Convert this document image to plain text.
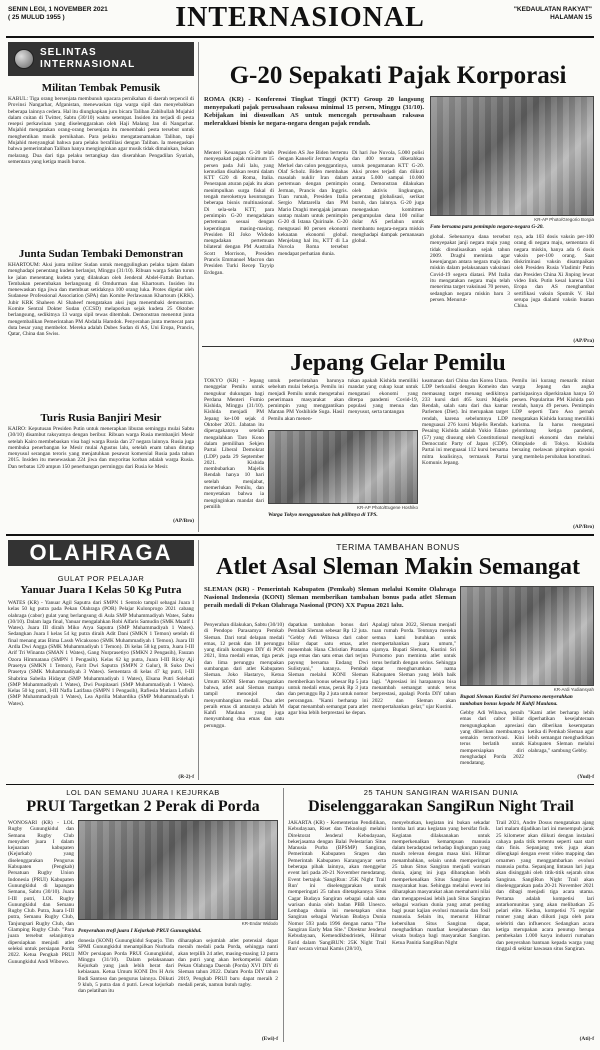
SENIN LEGI, 1 NOVEMBER 2021
( 25 MULUD 1955 )	INTERNASIONAL	"KEDAULATAN RAKYAT"
HALAMAN 15
SELINTAS
INTERNASIONAL
Militan Tembak Pemusik
KABUL: Tiga orang bersenjata membunuh upacara pernikahan di daerah terpencil di Provinsi Nangarhar, Afganistan, menewaskan tiga warga sipil dan menyebabkan beberapa lainnya cedera. Hal itu diungkapkan juru bicara Taliban Zabihullah Mujahid dalam cuitan di Twitter, Sabtu (30/10) waktu setempat. Insiden itu terjadi di pesta resepsi perkawinan yang diselenggarakan oleh Haji Malang Jan di Nangarhar. Mujahid mengatakan orang-orang bersenjata itu menembaki pesta tersebut untuk menghentikan musik pernikahan. Para pelaku mengatasnamakan Taliban, tapi Mujahid menyangkal bahwa para pelaku berafiliasi dengan Taliban. Ia menegaskan bahwa pemerintahan Taliban hanya menginginkan agar musik tidak dimainkan, bukan melarang. Dua dari tiga pelaku tertangkap dan diserahkan Pengadilan Syariah, sementara yang ketiga masih buron.
Junta Sudan Tembaki Demonstran
KHARTOUM: Aksi junta militer Sudan untuk menggulingkan pelaku tajam dalam menghadapi penentang kudeta berlanjut, Minggu (31/10). Ribuan warga Sudan turun ke jalan menentang kudeta yang dilakukan oleh Jenderal Abdel-Fattah Burhan. Tembakan penembakan berlangsung di Omdurman dan Khartoum. Insiden itu menewaskan tiga jiwa dan membuat setidaknya 100 orang luka. Protes digelar oleh Sudanese Professional Association (SPA) dan Komite Perlawanan Khartoum (KRK). Jubir KRK Shaheen Al Shaheef mengatakan aksi juga menembaki demonstran. Komite Sentral Dokter Sudan (CCSD) melaporkan sejak kudeta 25 Oktober berlangsung, sedikitnya 13 warga sipil tewas ditembak. Demonstran menentut junta mengembalikan Pemerintahan PM Abdalla Hamdok. Penyerahan junta memecat para duta besar yang membelot. Mereka adalah Dubes Sudan di AS, Uni Eropa, Prancis, Qatar, China dan Swiss.
Turis Rusia Banjiri Mesir
KAIRO: Keputusan Presiden Putin untuk menerapkan liburan seminggu mulai Sabtu (30/10) disambut raksyatnya dengan beribur. Ribuan warga Rusia membanjiri Mesir setelah Kairo membebaskan visa bagi warga Rusia dan 27 negara lainnya. Rusia juga membuka penerbangan ke Mesir mulai Agustus lalu, setelah enam tahun ditutup menyusul serangan teroris yang menjatuhkan pesawat komersial Rusia pada tahun 2015. Insiden itu menewaskan 224 jiwa dan muyoritas korban adalah warga Rusia. Dan terbatas 120 ampun 150 penerbangan perminggu dari Rusia ke Mesir.
(AP/Bro)
G-20 Sepakati Pajak Korporasi
ROMA (KR) - Konferensi Tingkat Tinggi (KTT) Group 20 langsung menyepakati pajak perusahaan raksasa minimal 15 persen, Minggu (31/10). Kebijakan ini disusulkan AS untuk mencegah perusahaan raksasa melerakkasi bisnis ke negara-negara dengan pajak rendah.
Menteri Keuangan G-20 telah menyepakati pajak minimum 15 persen pada Juli lalu, yang kemudian disahkan resmi dalam KTT G20 di Roma, Italia. Penerapan aturan pajak itu akan menimpulkan surga fiskal di tengah meroketnya keuntungan beberapa bisnis multinasional. Di sela-sela KTT, para pemimpin G-20 mengadakan pertemuan sesuai dengan kepentingan masing-masing. Presiden RI Joko Widodo mengadakan pertemuan bilateral dengan PM Australia Scott Morrison, Presiden Prancis Emmanuel Macron dan Presiden Turki Recep Tayyip Erdogan.
Presiden AS Joe Biden bertemu dengan Kanselir Jerman Angela Merkel dan calon penggantinya, Olaf Scholz. Biden membahas masalah nuklir Iran dalam pertemuan dengan pemimpin Jerman, Prancis dan Inggris. Tuan rumah, Presiden Italia Sergio Mattarella dan PM Mario Draghi mengajak jamuan santap malam untuk pemimpin G-20 di Istana Quirinale. G-20 mengusasi 80 persen ekonomi kekuatan ekonomi global. Menjelang hal itu, KTT di La Nuvola Roma tersebut mendapat perhatian dunia.
Di hari Jue Nuvola, 5.000 polisi dan 400 tentara dikerahkan untuk pengamanan KTT G-20. Aksi protes terjadi dan diikuti antara 5.000 sampai 10.000 orang. Demonstran dilakukan oleh aktivis lingkungan, penentang globalisasi, serikat buruh, dan lainnya. G-20 juga menegaskan komitmen pengumpulan dana 100 miliar dolar AS perlahun untuk membantu negara-negara miskin menghadapi dampak pemanasan global.
KR-AP Photo/Gregorio Borgia
Foto bersama para pemimpin negara-negara G-20.
global. Sebenarnya dana tersebut menyepakat janji negara maju yang tidak direalisasikan sejak tahun 2009. Draghi meminta agar kesenjangan antara negara maju dan miskin dalam pelaksanaan vaksinasi Covid-19 segera diatasi. PM Italia itu mengatakan negara maju telah menerima target vaksinasi 70 persen, sedangkan negara miskin baru 3 persen. Menurut-
nya, ada 103 dosis vaksin per-100 orang di negara maju, sementara di negara miskin, hanya ada 6 dosis vaksin per-100 orang. Saat diskriminasi vaksin disampaikan oleh Presiden Rusia Vladimir Putin dan Presiden China Xi Jinping lewat video link. Putin kesal karena Uni Eropa dan AS menghambat sertifikasi vaksin Sputnik V. Hal serupa juga dialami vaksin buatan China.
(AP/Pra)
Jepang Gelar Pemilu
TOKYO (KR) - Jepang menggelar Pemilu untuk mengukur dukungan bagi Perdana Menteri Fumio Kishida, Minggu (31/10). Kishida menjadi PM Jepang ke-100 sejak 4 Oktober 2021. Jabatan itu diperagakannya setelah mengalahkan Taro Kono dalam pemilihan Sekjen Partai Liberal Demokrat (LDP) pada 29 September 2021. Kishida membubarkan Majelis Rendah hanya 10 hari setelah menjabat, memerlukan Pemilu, dan menyetakan bahwa ia menginginkan mandat dari pemilih
untuk pemerintahan barunya sebelum mulai bekerja. Pemilu ini menjadi Pemilu untuk mengetahui penerimaan masyarakat akan pemimpin yang menggantikan Mantan PM Yoshihide Suga. Hasil Pemilu akan menen-
KR-AP Photo/Eugene Hoshiko
Warga Tokyo menggunakan hak pilihnya di TPS.
tukan apakah Kishida memiliki mandat yang cukup kuat untuk mengatasi ekonomi yang diterpa pandemi Covid-19, populasi yang menua dan menyusut, serta tantangan
keamanan dari China dan Korea Utara. LDP berkoalisi dengan Komeito dan memasang target menang sedikitnya 233 kursi dari 465 kursi Majelis Rendah, salah satu dari dua kamar Parlemen (Diet). Ini merupakan target rendah, karena sebelumnya LDP menguasai 276 kursi Majelis Rendah. Pesaing Kishida adalah Yukio Edano (57) yang diusung oleh Constitutional Democratic Party of Japan (CDP). Partai ini menguasai 112 kursi bersama mitra koalisinya, termasuk Partai Komunis Jepang.
Pemilu ini kurang menarik minat warga Jepang dan angka partisipasinya diperkirakan hanya 50 persen. Popularitas PM Kishida pun rendah, hanya 49 persen. Pemimpin LDP seperti Taro Aso pernah mengatakan Kishida kurang memiliki karisma. Ia harus mengatasi gelombang ketiga pandemi, mengikuti ekonomi dan melalui Olimpiade di Tokyo. Kishida bersaing melawan pimpinan oposisi yang membela perubahan konstitusi.
(AP/Bro)
OLAHRAGA
GULAT POR PELAJAR
Yanuar Juara I Kelas 50 Kg Putra
WATES (KR) - Yanuar Agil Saputra dari SMPN 1 Sentolo tampil sebagai Juara I kelas 50 kg putra pada Pekan Olahraga (POR) Pelajar Kulonprogo 2021 cabang olahraga (cabor) gulat yang berlangsung di Aula SMP Muhammadiyah Wates, Sabtu (30/10). Dalam laga final, Yanuar mengalahkan Robi Alfaris Samudin (SMK Maarif 1 Wates). Juara III diraih Miko Arya Saputra (SMP Muhammadiyah 1 Wates). Sedangkan Juara I kelas 54 kg putra diraih Adit Dani (SMKN 1 Temon) setelah di final menang atas Bima Lassh Wicaksono (SMK Muhammadiyah 1 Temon). Juara III Ardla Dwi Angga (SMK Muhammadiyah 1 Temon). Di kelas 58 kg putra, Juara I-III Arif Tri Winanta (SMAN 1 Wates), Gang Nurprasetiyo (SMKN 2 Pengasih), Fauzan Ozora Himmatana (SMPN 1 Pengasih). Kelas 62 kg putra, Juara I-III Ricky Aji Prasetya (SMKN 1 Temon), Farit Dwi Saputra (SMPN 2 Galur), R Suko Dwi Prasetya (SMK Muhammadiyah 3 Wates). Sementara di kelas 47 kg putri, I-III Shabrina Sabeila Hidayat (SMP Muhammadiyah 1 Wates), Elsana Putri Solehati (SMP Muhammadiyah 1 Wates), Dwi Puspitasari (SMP Muhammadiyah 1 Wates). Kelas 50 kg putri, I-III Nafla Latifana (SMPN 1 Pengasih), Rafiesia Mutiara Lofisih (SMP Muhammadiyah 1 Wates), Lea Aprilia Mahardika (SMP Muhammadiyah 1 Wates).
(R-2)-f
TERIMA TAMBAHAN BONUS
Atlet Asal Sleman Makin Semangat
SLEMAN (KR) - Pemerintah Kabupaten (Pemkab) Sleman melalui Komite Olahraga Nasional Indonesia (KONI) Sleman memberikan tambahan bonus pada atlet Sleman peraih medali di Pekan Olahraga Nasional (PON) XX Papua 2021 lalu.
Penyerahan dilakukan, Sabtu (30/10) di Pendopo Parasamya Pemkab Sleman. Dari total delapan medali emas, 12 perak dan 18 perunggu yang diraih kontingen DIY di PON 2021, lima medali emas, tiga perak dan lima perunggu merupakan sumbangan dari atlet Kabupaten Sleman. Joko Hastaryo, Ketua Umum KONI Sleman mengatakan bahwa, atlet asal Sleman mampu tampil menonjol dan menyumbangkan medali. Dua atlet peraih emas di antaranya adalah M Kahfi Maulana yang juga menyumbang dua emas dan satu perunggu.
dapatkan tambahan bonus dari Pemkab Sleman sebesar Rp 12 juta. "Gebby Adi Wibawa dari cabor biliar dapat satu emas, atlet menembak Hana Christian Pratama juga emas dan satu emas dari terjun payung bersama Endang Dwi Sulistyani," katanya. Pemkab Sleman melalui KONI Sleman memberikan bonus sebesar Rp 5 juta untuk medali emas, perak Rp 3 juta dan perunggu Rp 2 juta untuk nomor perorangan. "Kami berharap ini dapat menambah semangat para atlet agar bisa lebih berprestasi ke depan.
Apalagi tahun 2022, Sleman menjadi tuan rumah Porda. Tentunya mereka semua kami butuhkan untuk mempertahankan juara umum," ujarnya. Bupati Sleman, Kustini Sri Purnomo pun meminta atlet untuk terus berlatih dengan serius. Sehingga dapat mengharumkan nama Kabupaten Sleman yang lebih baik lagi. "Apresiasi ini harapannya bisa menambah semangat untuk terus berprestasi, apalagi Porda DIY tahun 2022 dan Sleman akan mempertahankan gelar," ujar Kustini.
KR-Ardi Yudiansyah
Bupati Sleman Kustini Sri Purnomo menyerahkan tambahan bonus kepada M Kahfi Maulana.
Gebby Adi Wibawa, peraih emas dari cabor biliar mengungkapkan apresiasi yang diberikan membuatnya semakin termotivasi. Kini terus berlatih untuk mempersiapkan diri menghadapi Porda 2022 mendatang.
"Kami atlet berharap lebih diperhatikan kesejahteraan dan diberikan kesempatan ketika di Pemkab Sleman agar lebih semangat menghadirkan Kabupaten Sleman melalui olahraga," sambung Gebby.
(Yud)-f
LOL DAN SEMANU JUARA I KEJURKAB
PRUI Targetkan 2 Perak di Porda
WONOSARI (KR) - LOL Rugby Gunungkidul dan Semanu Rugby Club menyabet juara I dalam kejuaraan kabupaten (Kejurkab) yang diselenggarakan Pengurus Kabupaten (Pengkab) Persatuan Rugby Union Indonesia (PRUI) Kabupaten Gunungkidul di lapangan Semanu, Sabtu (30/10). Juara I-III putri, LOL Rugby Gunungkidul dan Semanu Rugby Club. Putra, Juara I-III putra, Semanu Rugby Club, Tanjungsari Rugby Club, dan Glamping Rugby Club. "Para juara tersebut selanjutnya dipersiapkan menjadi atlet seleksi untuk persiapan Porda 2022. Ketua Pengkab PRUI Gunungkidul Andi Wibowo.
KR-Endar Widodo
Penyerahan trofi juara I Kejurkab PRUI Gunungkidul.
donesia (KONI) Gunungkidul Suparjo. Tim SPMI Gunungkidul menampilkan Nurhuda MOr persiapan Porda PRUI Gunungkidul, Minggu (31/10). Dalam pelaksanaan Kejurkab yang jauh lebih berat dari kebiasaan. Ketua Umum KONI Drs H Aris Budi Santoso dan pengurus lainnya. Diikuti 9 klub, 5 putra dan 4 putri. Lewat kejurkab dan pelatihan itu
diharapkan sejumlah atlet potensial dapat meraih medali pada Porda, sehingga nanti akan terpilih 24 atlet, masing-masing 12 putra dan putri yang akan berkompetisi dalam Pekan Olahraga Daerah (Porda) XVI DIY di Sleman tahun 2022. Dalam Porda DIY tahun 2019, Pengkab PRUI baru dapat meraih 2 medali perak, namun butuh ragby.
(Ewi)-f
25 TAHUN SANGIRAN WARISAN DUNIA
Diselenggarakan SangiRun Night Trail
JAKARTA (KR) - Kementerian Pendidikan, Kebudayaan, Riset dan Teknologi melalui Direktorat Jenderal Kebudayaan, bekerjasama dengan Balai Pelestarian Situs Manusia Purba (BPSMP) Sangiran, Pemerintah Kabupaten Sragen dan Pemerintah Kabupaten Karanganyar serta beberapa pihak lainnya, akan menggelar event lari pada 20-21 November mendatang. Event bertajuk 'SangiRun: 25K Night Trail Run' ini diselenggarakan untuk memperingati 25 tahun ditetapkannya Situs Cagar Budaya Sangiran sebagai salah satu warisan dunia oleh badan PBB Unesco. Lembaga dunia ini menetapkan situs Sangiran sebagai Warisan Budaya Dunia Nomor 593 pada 1996 dengan nama "The Sangiran Early Man Site." Direktur Jenderal Kebudayaan, Kemendikbudristek, Hilmar Farid dalam 'SangiRUN: 25K Night Trail Run' secara virtual Kamis (28/10),
menyebutkan, kegiatan ini bukan sekadar lomba lari atau kegiatan yang bersifat fisik. Kegiatan dilaksanakan untuk memperkenalkan kemampuan manusia dalam beradaptasi terhadap lingkungan yang masih relevan dengan masa kini. Hilmar menambahkan, selain untuk memperingati 25 tahun Situs Sangiran menjadi warisan dunia, ajang ini juga dibarapkan lebih memperkenalkan Situs Sangiran kepada masyarakat luas. Sehingga melalui event ini diharapkan masyarakat akan memahami nilai dan mengapresiasi lebih jauh Situs Sangiran sebagai warisan dunia yang amat penting bagi pusat kajian evolusi manusia dan fosil manusia. Selain itu, menurut Hilmar kebersihan Situs Sangiran dapat, menghadirkan manfaat kesejahteraan dan wisata budaya bagi masyarakat Sangiran. Ketua Panitia SangiRun Night
Trail 2021, Andre Dosus mengatakan ajang lari malam dijadikan lari ini menempuh jarak 25 kilometer akan diikuti dengan instalasi cahaya pada titik tertentu seperti saat start dan finis. Sepanjang trek juga akan dilengkapi dengan event video mapping dan ornamen yang menggambarkan evolusi manusia purba. Sepanjang lintasan lari juga akan disinggahi oleh titik-titik sejarah situs Sangiran. SangiRun Night Trail akan diselenggarakan pada 20-21 November 2021 dan dibagi menjadi tiga acara utama. Pertama adalah kompetisi lari antarkomunitas yang akan melibatkan 25 pelari elite. Kedua, kompetisi 75 regular runner yang akan diikuti juga oleh para selebriti dan influencer. Sedangkan acara ketiga merupakan acara penutup berupa pembekalan 1.000 karya industri rumahan dan penyerahan bantuan kepada warga yang tinggal di sekitar kawasan situs Sangiran.
(Ati)-f
